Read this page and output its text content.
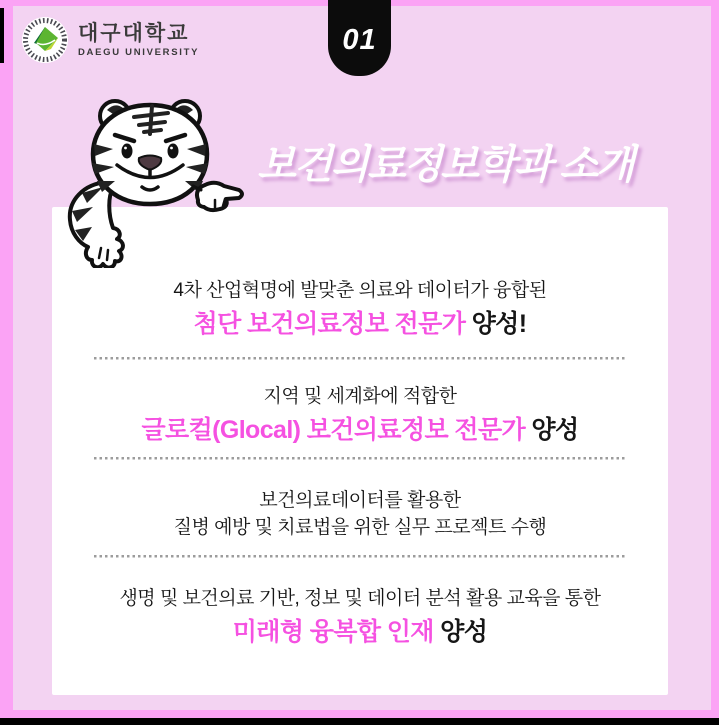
대구대학교
DAEGU UNIVERSITY	01
보건의료정보학과 소개
4차 산업혁명에 발맞춘 의료와 데이터가 융합된
첨단 보건의료정보 전문가 양성!
지역 및 세계화에 적합한
글로컬(Glocal) 보건의료정보 전문가 양성
보건의료데이터를 활용한
질병 예방 및 치료법을 위한 실무 프로젝트 수행
생명 및 보건의료 기반, 정보 및 데이터 분석 활용 교육을 통한
미래형 융복합 인재 양성
